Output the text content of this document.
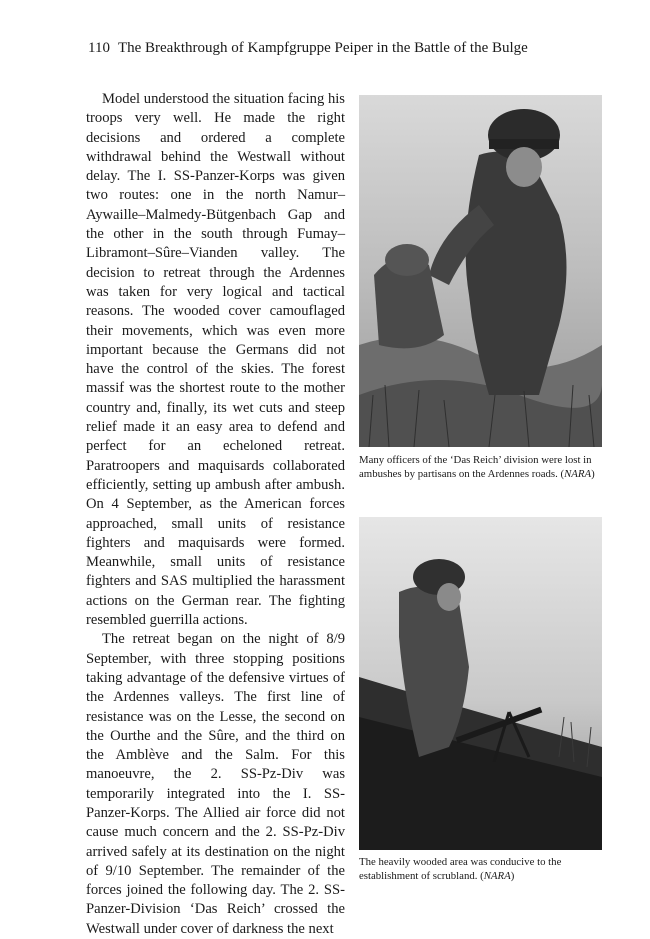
110 The Breakthrough of Kampfgruppe Peiper in the Battle of the Bulge

Model understood the situation facing his troops very well. He made the right decisions and ordered a complete withdrawal behind the Westwall without delay. The I. SS-Panzer-Korps was given two routes: one in the north Namur–Aywaille–Malmedy-Bütgenbach Gap and the other in the south through Fumay–Libramont–Sûre–Vianden valley. The decision to retreat through the Ardennes was taken for very logical and tactical reasons. The wooded cover camouflaged their movements, which was even more important because the Germans did not have the control of the skies. The forest massif was the shortest route to the mother country and, finally, its wet cuts and steep relief made it an easy area to defend and perfect for an echeloned retreat. Paratroopers and maquisards collaborated efficiently, setting up ambush after ambush. On 4 September, as the American forces approached, small units of resistance fighters and maquisards were formed. Meanwhile, small units of resistance fighters and SAS multiplied the harassment actions on the German rear. The fighting resembled guerrilla actions.

The retreat began on the night of 8/9 September, with three stopping positions taking advantage of the defensive virtues of the Ardennes valleys. The first line of resistance was on the Lesse, the second on the Ourthe and the Sûre, and the third on the Amblève and the Salm. For this manoeuvre, the 2. SS-Pz-Div was temporarily integrated into the I. SS-Panzer-Korps. The Allied air force did not cause much concern and the 2. SS-Pz-Div arrived safely at its destination on the night of 9/10 September. The remainder of the forces joined the following day. The 2. SS-Panzer-Division ‘Das Reich’ crossed the Westwall under cover of darkness the next

Many officers of the ‘Das Reich’ division were lost in ambushes by partisans on the Ardennes roads. (NARA)
The heavily wooded area was conducive to the establishment of scrubland. (NARA)
